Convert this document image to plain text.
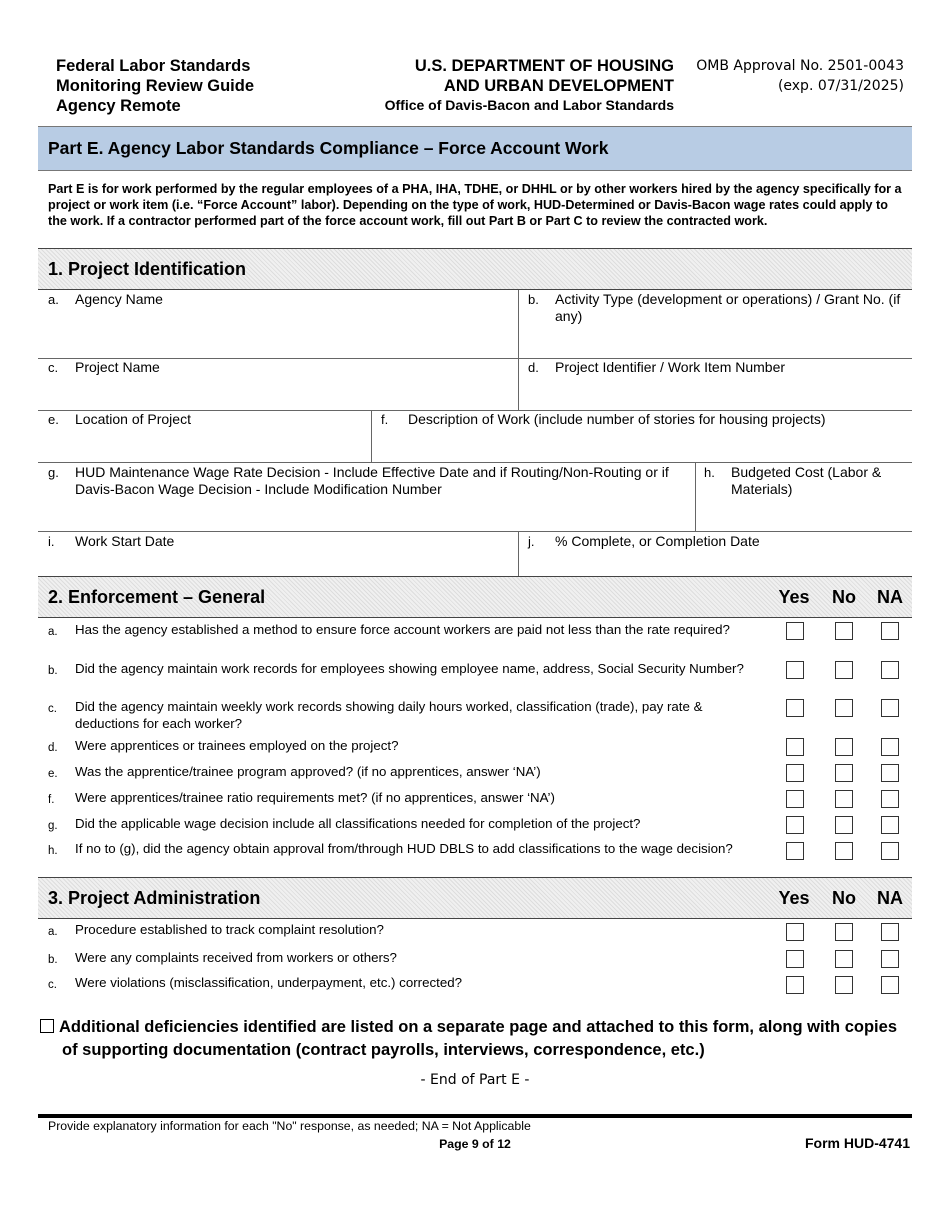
Federal Labor Standards
Monitoring Review Guide
Agency Remote
U.S. DEPARTMENT OF HOUSING
AND URBAN DEVELOPMENT
Office of Davis-Bacon and Labor Standards
OMB Approval No. 2501-0043
(exp. 07/31/2025)
Part E. Agency Labor Standards Compliance – Force Account Work
Part E is for work performed by the regular employees of a PHA, IHA, TDHE, or DHHL or by other workers hired by the agency specifically for a project or work item (i.e. “Force Account” labor). Depending on the type of work, HUD-Determined or Davis-Bacon wage rates could apply to the work. If a contractor performed part of the force account work, fill out Part B or Part C to review the contracted work.
1. Project Identification
a. Agency Name	b. Activity Type (development or operations) / Grant No. (if any)
c. Project Name	d. Project Identifier / Work Item Number
e. Location of Project	f. Description of Work (include number of stories for housing projects)
g. HUD Maintenance Wage Rate Decision - Include Effective Date and if Routing/Non-Routing or if Davis-Bacon Wage Decision - Include Modification Number
h. Budgeted Cost (Labor & Materials)
i. Work Start Date	j. % Complete, or Completion Date
2. Enforcement – General	Yes	No	NA
a. Has the agency established a method to ensure force account workers are paid not less than the rate required?
b. Did the agency maintain work records for employees showing employee name, address, Social Security Number?
c. Did the agency maintain weekly work records showing daily hours worked, classification (trade), pay rate & deductions for each worker?
d. Were apprentices or trainees employed on the project?
e. Was the apprentice/trainee program approved? (if no apprentices, answer ‘NA’)
f. Were apprentices/trainee ratio requirements met? (if no apprentices, answer ‘NA’)
g. Did the applicable wage decision include all classifications needed for completion of the project?
h. If no to (g), did the agency obtain approval from/through HUD DBLS to add classifications to the wage decision?
3. Project Administration	Yes	No	NA
a. Procedure established to track complaint resolution?
b. Were any complaints received from workers or others?
c. Were violations (misclassification, underpayment, etc.) corrected?
Additional deficiencies identified are listed on a separate page and attached to this form, along with copies
of supporting documentation (contract payrolls, interviews, correspondence, etc.)
- End of Part E -
Provide explanatory information for each "No" response, as needed; NA = Not Applicable
Page 9 of 12	Form HUD-4741
